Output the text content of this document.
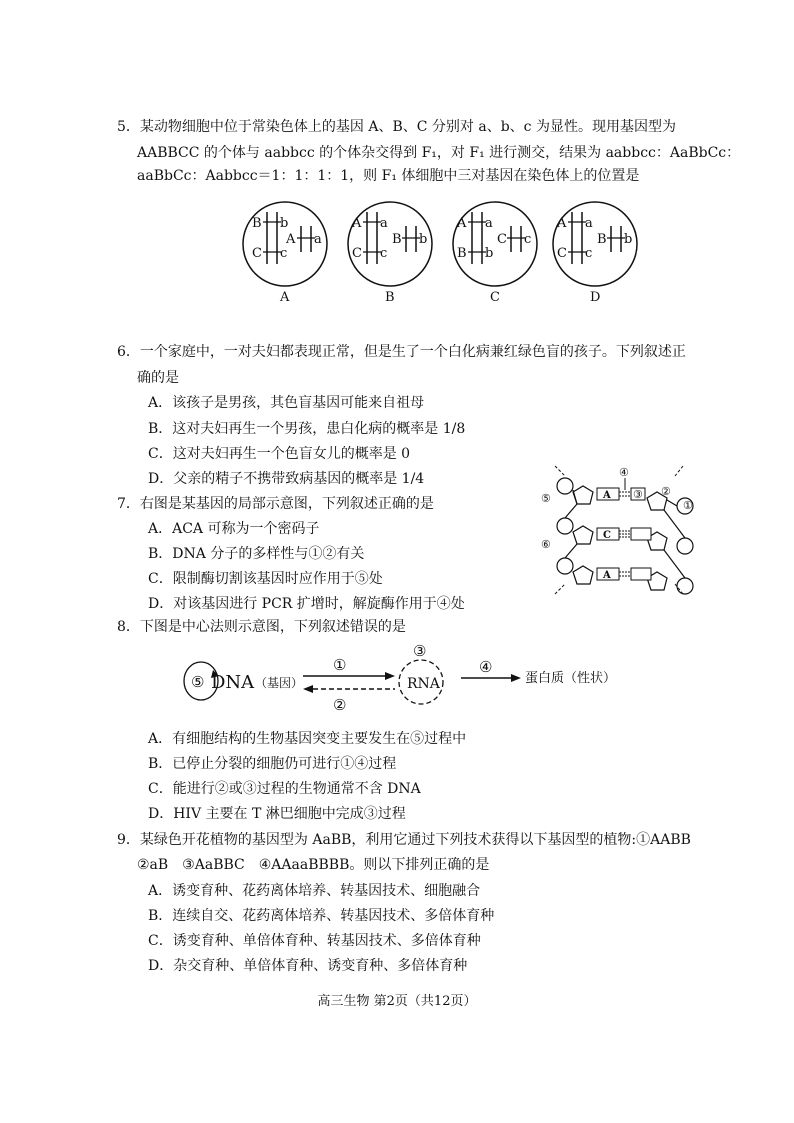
5．某动物细胞中位于常染色体上的基因 A、B、C 分别对 a、b、c 为显性。现用基因型为
AABBCC 的个体与 aabbcc 的个体杂交得到 F₁，对 F₁ 进行测交，结果为 aabbcc：AaBbCc：
aaBbCc：Aabbcc＝1：1：1：1，则 F₁ 体细胞中三对基因在染色体上的位置是
B b
C c
A a
A
A a
C c
B b
B
A a
B b
C c
C
A a
C c
B b
D
6．一个家庭中，一对夫妇都表现正常，但是生了一个白化病兼红绿色盲的孩子。下列叙述正
确的是
A．该孩子是男孩，其色盲基因可能来自祖母
B．这对夫妇再生一个男孩，患白化病的概率是 1/8
C．这对夫妇再生一个色盲女儿的概率是 0
D．父亲的精子不携带致病基因的概率是 1/4
7．右图是某基因的局部示意图，下列叙述正确的是
A．ACA 可称为一个密码子
B．DNA 分子的多样性与①②有关
C．限制酶切割该基因时应作用于⑤处
D．对该基因进行 PCR 扩增时，解旋酶作用于④处
A
C
A
④
③ ②
①
⑤
⑥
8．下图是中心法则示意图，下列叙述错误的是
⑤ DNA （基因）
①
②
③
RNA
④
蛋白质（性状）
A．有细胞结构的生物基因突变主要发生在⑤过程中
B．已停止分裂的细胞仍可进行①④过程
C．能进行②或③过程的生物通常不含 DNA
D．HIV 主要在 T 淋巴细胞中完成③过程
9．某绿色开花植物的基因型为 AaBB，利用它通过下列技术获得以下基因型的植物:①AABB
②aB　③AaBBC　④AAaaBBBB。则以下排列正确的是
A．诱变育种、花药离体培养、转基因技术、细胞融合
B．连续自交、花药离体培养、转基因技术、多倍体育种
C．诱变育种、单倍体育种、转基因技术、多倍体育种
D．杂交育种、单倍体育种、诱变育种、多倍体育种
高三生物 第2页（共12页）
